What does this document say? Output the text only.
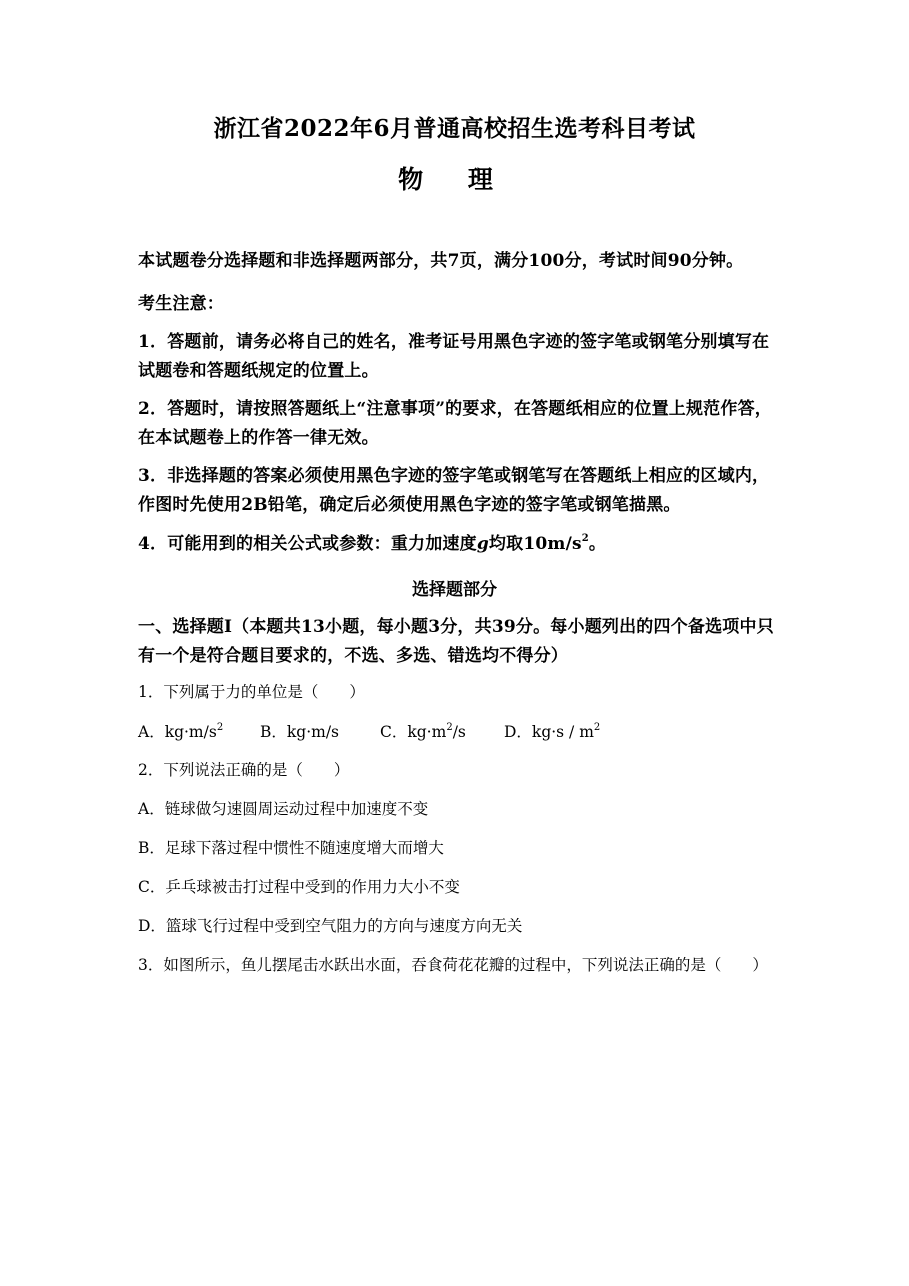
浙江省2022年6月普通高校招生选考科目考试
物 理
本试题卷分选择题和非选择题两部分，共7页，满分100分，考试时间90分钟。
考生注意：
1．答题前，请务必将自己的姓名，准考证号用黑色字迹的签字笔或钢笔分别填写在试题卷和答题纸规定的位置上。
2．答题时，请按照答题纸上“注意事项”的要求，在答题纸相应的位置上规范作答，在本试题卷上的作答一律无效。
3．非选择题的答案必须使用黑色字迹的签字笔或钢笔写在答题纸上相应的区域内，作图时先使用2B铅笔，确定后必须使用黑色字迹的签字笔或钢笔描黑。
4．可能用到的相关公式或参数：重力加速度g均取$10m/s^2$。
选择题部分
一、选择题Ⅰ（本题共13小题，每小题3分，共39分。每小题列出的四个备选项中只有一个是符合题目要求的，不选、多选、错选均不得分）
1．下列属于力的单位是（　　）
A．$kg\cdot m/s^2$ B．kg·m/s	C．$kg\cdot m^2/s$ D．$kg\cdot s / m^2$
2．下列说法正确的是（　　）
A．链球做匀速圆周运动过程中加速度不变
B．足球下落过程中惯性不随速度增大而增大
C．乒乓球被击打过程中受到的作用力大小不变
D．篮球飞行过程中受到空气阻力的方向与速度方向无关
3．如图所示，鱼儿摆尾击水跃出水面，吞食荷花花瓣的过程中，下列说法正确的是（　　）
